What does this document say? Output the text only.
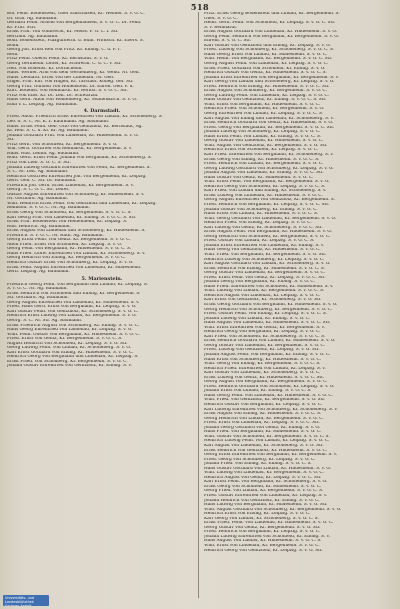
518

Bol. Fehn. Bodenstedt, Ober Ehlschusen, Kr. Wendel. S. v. G. C.

Dr. Graf. Ag. Baumann.

Gerhard Fehn. Arnold von Bergenhausen, S. v. G. C. Dr. Fehn.

Kr. Frhr. Sch.

Ernst Frhr. von Vollbrecht, Kr. Meiss. F. G. C. I. Str.

Bertram. Ag. Baumann.

Bohr. Bodenstedt, Plaxgunterm. u. Buhl. Wirksch. Kr. Ebers. S.

Bohn.

Georg Joh. Ernst Reh von Fritz. Kr. Elbing. C. u. F. I.

Reth.

Fritz Fehn. Oberst Fehn. Kr. Bernstadt. S. v. G.

Georg Gernheim. Leiter, Kr. Schwerm. C. u. C. v. Str.

Nell. von Bodenst. Kr. Dornicheim.

Hans. Werner. Arm von dem Werdenberg, Kr. Wend. Nr. Gen.

Hans. Leonard. Ernst von der Lindenau. Nr. Gen.

Engel. Frhr. Ehr. von Hagen, Kr. Tarstadt. Kolleg. Ger. Str.

Georg Frhr. Gundolf von Hohenstein. Dr. Ehren. Gen. F. u.

Kurt. Bodenst. von Reinhardt. Kr. Bernst. S. v. G. C. Str.

Fritz von Elbs. Kr. Dr. Leit. Dr. Schwarzm.

Hans Gerd. Adolf von Weißenberg, Kr. Mühlenkirch. S. v. G.

Emil v. L. Leipzig. Ag. Baumann.

4. Darmstadt.

Fried. Adolf. Friedrich Ernst Ehrenfried von Lindau, Kr. Schöneberg. S.

Leo. d. S. C. Nr. K. z. Kaufmann. Ag. Baumann.

Hans. Ernst Fehn. Geb. Otto von Gentzholz, Kr. Bernstadt, Ag.

Kr. Heil. S. C. u. Kr. Kr. Ag. Baumann.

Johann Gotthard Frhr. von Lindenau, Kr. Hildesheim. S. v. G.

Str.

Fritz Gerh. von Schönfeld, Kr. Bergenheim. S. v. G.

Will. Gerh. Gottfried von Reinhardt, Kr. Bergenheim. S. v.

Hans. Rud. Lemm. Ag. Baumann.

Bohr. Gerh. Ernst Fehn. Johann von Bergmann, Kr. Schöneberg. S.

Fritz von Lieb. S. G. C. S. Str.

Johann Ludwig Gotthard Ehrenfried von Fehn, Kr. Bergenheim. S.

S. C. Nr. Leit. Ag. Baumann.

Heinrich Gottfried Ehrenfried Joh. von Bergenheim, Kr. Leipzig.

Gerh. Geh. C. Str. Dr. Baumann.

Friedrich Joh. Gerh. Ernst Lindenau, Kr. Bergenheim. S. v.

Georg. S. C. G. C. Str. Leiter.

Gustav August Ehrenfried von Schönberg, Kr. Hildesheim. S. v.

Nr. Gotthard. Ag. Baumann.

Wilh. Heinrich Ernst Fehn. von Gentzholz und Lindenau, Kr. Leipzig.

Reinhold. S. v. G. C. Nr. Ag. Baumann.

Ernst Georg von Schönfeld, Kr. Bergenheim. S. v. G. C. S.

Karl Georg Frhr. von Lindenau, Kr. Elbing. S. v. G. C. S. Str.

Ernst Frhr. Bodenstedt von Heidenheim, Kr. Leipzig. S.

Rud. Heinrich. Ag. Baumann.

Ernst August von Lindenau und Schöneberg, Kr. Hildesheim. S.

Friedrich. S. v. G. C. Nr. Rath. Ag. Baumann.

Georg Ernst Fehn. von Gentz. Kr. Bergenheim. S. v. G. C.

Adolf Fried. Ernst von Schönfeld, Kr. Leipzig. S. v. G.

Georg Fehn. von Bergmann, Kr. Hildesheim. S. v. G. C. S.

Hans Fried. Ludw. Ehrenfried von Lindau, Kr. Schöneberg. S. v.

Georg Heinrich von Elbing, Kr. Bergenheim. S. v. G. C.

Heinrich Gustav Ernst von Schönberg, Kr. Leipzig. S. v. G.

Ernst Fehn. August Ehrenfried von Lindenau, Kr. Hildesheim.

Gerh. Leipzig. Ag. Baumann.

5. Marienstein.

Friedrich Georg Fehn. von Bergmann und Lindau, Kr. Leipzig. S.

S. v. G. C. Nr. Ag. Baumann.

Ernst Heinrich von Schönfeld und Elbing, Kr. Bergenheim. S.

Str. Gotthard. Ag. Baumann.

Georg August Ehrenfried von Lindenau, Kr. Hildesheim. S. v.

Fried. Hans Gerh. Ernst von Bergmann, Kr. Leipzig. S. v. G.

Karl Gustav Fehn. von Gentzholz, Kr. Schöneberg. S. v. G. C.

Heinrich Ernst Ludwig von Lindau, Kr. Bergenheim. S. v. G.

Georg. S. C. Nr. Str. Ag. Baumann.

Ernst Friedrich August von Schönberg, Kr. Elbing. S. v. G. C.

Hans Georg Ehrenfried von Lindenau, Kr. Leipzig. S. v. G.

Wilh. Fehn. Gustav von Bergmann, Kr. Hildesheim. S. v. G. C.

Fried. Ernst von Gentz, Kr. Bergenheim. S. v. G. C. S.

August Heinrich von Schönfeld, Kr. Leipzig. S. v. G. Str.

Georg Ludwig Fehn. von Lindau, Kr. Schöneberg. S. v. G.

Karl Ernst Gotthard von Elbing, Kr. Hildesheim. S. v. G. C.

Heinrich Georg von Bergmann und Lindenau, Kr. Leipzig. S.

Ernst Fried. von Schönberg, Kr. Bergenheim. S. v. G. C.

Johann Gustav Ehrenfried von Gentzholz, Kr. Elbing. S. v.

Fritz. Ernst Georg Bodenstedt und Lindau, Kr. Bergenheim. S.

Ober. S. v. G. C.

Heinr. Gerh. Fehn. von Schönfeld, Kr. Leipzig. S. v. G. C. Str.

S. v. Reinhardt.

Ernst August Gotthard von Lindenau, Kr. Hildesheim. S. v. G.

Georg Fehn. Heinrich von Bergmann, Kr. Bergenheim. S. v. G.

Ehrenf. S. v. G. C. Str.

Karl Gustav von Gentzholz und Elbing, Kr. Leipzig. S. v. G.

Fried. Ludwig von Schönberg, Kr. Schöneberg. S. v. G. C. S.

Hans Georg Ernst von Lindau, Kr. Hildesheim. S. v. G. C.

Wilh. Heinr. von Bergmann, Kr. Bergenheim. S. v. G. C. Str.

Georg August Fehn. von Lindenau, Kr. Leipzig. S. v. G. C.

Ernst Fried. Gotthard von Schönfeld, Kr. Elbing. S. v. G.

Heinrich Gustav von Gentz, Kr. Hildesheim. S. v. G. C. S.

Johann Ernst Ehrenfried von Bergmann, Kr. Bergenheim. S. v.

Karl Georg von Lindau und Schöneberg, Kr. Leipzig. S. v. G.

Fried. Heinrich von Elbing, Kr. Hildesheim. S. v. G. C. Str.

Ernst August von Schönberg, Kr. Bergenheim. S. v. G. C.

Georg Ludwig Fehn. von Lindenau, Kr. Leipzig. S. v. G. C.

Hans Gustav von Gentzholz, Kr. Elbing. S. v. G. C. S. Str.

Wilh. Ernst von Bergmann, Kr. Hildesheim. S. v. G. C.

Heinrich Fried. von Schönfeld, Kr. Bergenheim. S. v. G.

Georg Ehrenfried von Lindau, Kr. Leipzig. S. v. G. C. S.

Karl August von Elbing und Lindenau, Kr. Schöneberg. S. v.

Ernst Heinrich Gotthard von Gentz, Kr. Hildesheim. S. v. G.

Fried. Georg von Bergmann, Kr. Bergenheim. S. v. G. C. Str.

Johann Ludwig von Schönberg, Kr. Leipzig. S. v. G. C.

Hans Ernst Fehn. von Lindau, Kr. Elbing. S. v. G. C. S.

Georg Gustav von Lindenau, Kr. Hildesheim. S. v. G. C.

Wilh. August von Gentzholz, Kr. Bergenheim. S. v. G. Str.

Heinrich Ernst von Schönfeld, Kr. Leipzig. S. v. G. C.

Karl Fried. Ehrenfried von Bergmann, Kr. Schöneberg. S. v.

Ernst Georg von Elbing, Kr. Hildesheim. S. v. G. C. S.

Fried. Heinrich von Lindau, Kr. Bergenheim. S. v. G. C.

Georg Ludwig Gotthard von Schönberg, Kr. Leipzig. S. v. G.

Johann August von Lindenau, Kr. Elbing. S. v. G. C. Str.

Hans Gustav von Gentz, Kr. Hildesheim. S. v. G. C.

Wilh. Ernst Fehn. von Bergmann, Kr. Bergenheim. S. v. G.

Heinrich Georg von Schönfeld, Kr. Leipzig. S. v. G. C. S.

Karl Fried. von Lindau und Elbing, Kr. Schöneberg. S. v.

Ernst Ludwig von Lindenau, Kr. Hildesheim. S. v. G. C.

Georg August Ehrenfried von Gentzholz, Kr. Bergenheim. S.

Fried. Heinrich von Bergmann, Kr. Leipzig. S. v. G. C. Str.

Johann Gustav von Schönberg, Kr. Elbing. S. v. G. C.

Hans Ernst von Lindau, Kr. Hildesheim. S. v. G. C. S.

Wilh. Georg Gotthard von Lindenau, Kr. Bergenheim. S. v. G.

Heinrich Fried. von Elbing, Kr. Leipzig. S. v. G. C.

Karl Ludwig von Gentz, Kr. Schöneberg. S. v. G. C. Str.

Ernst August Fehn. von Bergmann, Kr. Hildesheim. S. v. G.

Georg Heinrich von Schönfeld, Kr. Bergenheim. S. v. G. C.

Fried. Gustav von Lindau, Kr. Leipzig. S. v. G. C. S.

Johann Ernst Ehrenfried von Lindenau, Kr. Elbing. S. v.

Hans Georg von Gentzholz, Kr. Hildesheim. S. v. G. C.

Wilh. Fried. von Bergmann, Kr. Bergenheim. S. v. G. Str.

Heinrich Ludwig von Schönberg, Kr. Leipzig. S. v. G. C.

Karl August Gotthard von Lindau, Kr. Schöneberg. S. v. G.

Ernst Heinrich von Elbing, Kr. Hildesheim. S. v. G. C. S.

Georg Gustav von Lindenau, Kr. Bergenheim. S. v. G. C.

Fried. Ernst Fehn. von Gentz, Kr. Leipzig. S. v. G. C. Str.

Johann Georg von Bergmann, Kr. Elbing. S. v. G. C.

Hans Fried. Ehrenfried von Schönfeld, Kr. Hildesheim. S. v.

Wilh. Ludwig von Lindau, Kr. Bergenheim. S. v. G. C. S.

Heinrich August von Lindenau, Kr. Leipzig. S. v. G. C.

Karl Ernst von Gentzholz, Kr. Schöneberg. S. v. G. Str.

Ernst Georg Gotthard von Bergmann, Kr. Hildesheim. S. v. G.

Georg Heinrich von Schönberg, Kr. Bergenheim. S. v. G. C.

Fried. Gustav Fehn. von Elbing, Kr. Leipzig. S. v. G. C. S.

Johann Ludwig von Lindau, Kr. Elbing. S. v. G. C.

Hans August von Lindenau, Kr. Hildesheim. S. v. G. C. Str.

Wilh. Ernst Ehrenfried von Gentz, Kr. Bergenheim. S. v.

Heinrich Georg von Bergmann, Kr. Leipzig. S. v. G. C.

Karl Fried. von Schönfeld, Kr. Schöneberg. S. v. G. C. S.

Ernst Heinrich Gotthard von Lindau, Kr. Hildesheim. S. v. G.

Georg Gustav von Lindenau, Kr. Bergenheim. S. v. G. C.

Fried. Ludwig von Gentzholz, Kr. Leipzig. S. v. G. Str.

Johann August Fehn. von Bergmann, Kr. Elbing. S. v. G. C.

Hans Ernst von Schönberg, Kr. Hildesheim. S. v. G. C.

Wilh. Georg von Elbing, Kr. Bergenheim. S. v. G. C. S.

Heinrich Fried. Ehrenfried von Lindau, Kr. Leipzig. S. v.

Karl Gustav von Lindenau, Kr. Schöneberg. S. v. G. C.

Ernst Ludwig von Gentz, Kr. Hildesheim. S. v. G. C. Str.

Georg August von Bergmann, Kr. Bergenheim. S. v. G. C.

Fried. Heinrich Gotthard von Schönfeld, Kr. Leipzig. S. v. G.

Johann Ernst von Lindau, Kr. Elbing. S. v. G. C. S.

Hans Georg Fehn. von Lindenau, Kr. Hildesheim. S. v. G. C.

Wilh. Fried. von Gentzholz, Kr. Bergenheim. S. v. G. Str.

Heinrich Gustav von Bergmann, Kr. Leipzig. S. v. G. C.

Karl Ludwig Ehrenfried von Schönberg, Kr. Schöneberg. S. v.

Ernst August von Elbing, Kr. Hildesheim. S. v. G. C. S.

Georg Heinrich von Lindau, Kr. Bergenheim. S. v. G. C.

Fried. Ernst von Lindenau, Kr. Leipzig. S. v. G. C. Str.

Johann Georg Gotthard von Gentz, Kr. Elbing. S. v. G.

Hans Fried. von Bergmann, Kr. Hildesheim. S. v. G. C.

Wilh. Gustav von Schönfeld, Kr. Bergenheim. S. v. G. C. S.

Heinrich Ludwig Fehn. von Lindau, Kr. Leipzig. S. v. G. C.

Karl August von Lindenau, Kr. Schöneberg. S. v. G. Str.

Ernst Heinrich von Gentzholz, Kr. Hildesheim. S. v. G. C.

Georg Ernst Ehrenfried von Bergmann, Kr. Bergenheim. S. v.

Fried. Georg von Schönberg, Kr. Leipzig. S. v. G. C.

Johann Fried. von Elbing, Kr. Elbing. S. v. G. C. S.

Hans Gustav Gotthard von Lindau, Kr. Hildesheim. S. v. G.

Wilh. Ludwig von Lindenau, Kr. Bergenheim. S. v. G. C.

Heinrich August von Gentz, Kr. Leipzig. S. v. G. C. Str.

Karl Ernst Fehn. von Bergmann, Kr. Schöneberg. S. v. G.

Ernst Georg von Schönfeld, Kr. Hildesheim. S. v. G. C.

Georg Fried. von Lindau, Kr. Bergenheim. S. v. G. C. S.

Fried. Gustav Ehrenfried von Lindenau, Kr. Leipzig. S. v.

Johann Heinrich von Gentzholz, Kr. Elbing. S. v. G. C.

Hans Ludwig von Bergmann, Kr. Hildesheim. S. v. G. Str.

Wilh. August Gotthard von Schönberg, Kr. Bergenheim. S. v. G.

Heinrich Ernst von Elbing, Kr. Leipzig. S. v. G. C.

Karl Georg von Lindau, Kr. Schöneberg. S. v. G. C. S.

Ernst Fried. Fehn. von Lindenau, Kr. Hildesheim. S. v. G. C.

Georg Gustav von Gentz, Kr. Bergenheim. S. v. G. Str.

Fried. Heinrich von Bergmann, Kr. Leipzig. S. v. G. C.

Johann Ludwig Ehrenfried von Schönfeld, Kr. Elbing. S. v.

Hans August von Lindau, Kr. Hildesheim. S. v. G. C. S.

Wilh. Ernst von Lindenau, Kr. Bergenheim. S. v. G. C.

Heinrich Georg von Gentzholz, Kr. Leipzig. S. v. G. Str.

Universitäts- und
Landesbibliothek
Sachsen-Anhalt
